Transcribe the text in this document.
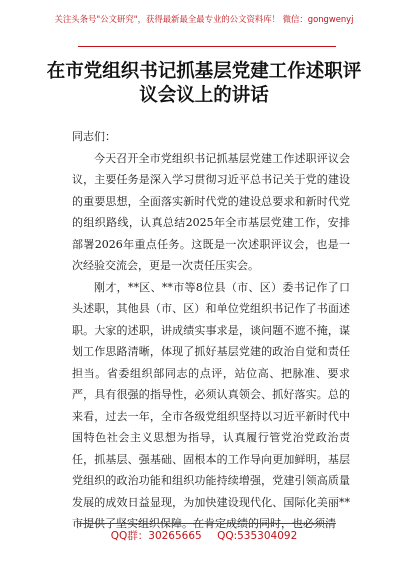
关注头条号"公文研究"，获得最新最全最专业的公文资料库！ 微信：gongwenyj
在市党组织书记抓基层党建工作述职评议会议上的讲话

同志们：

今天召开全市党组织书记抓基层党建工作述职评议会议，主要任务是深入学习贯彻习近平总书记关于党的建设的重要思想，全面落实新时代党的建设总要求和新时代党的组织路线，认真总结2025年全市基层党建工作，安排部署2026年重点任务。这既是一次述职评议会，也是一次经验交流会，更是一次责任压实会。

刚才，**区、**市等8位县（市、区）委书记作了口头述职，其他县（市、区）和单位党组织书记作了书面述职。大家的述职，讲成绩实事求是，谈问题不遮不掩，谋划工作思路清晰，体现了抓好基层党建的政治自觉和责任担当。省委组织部同志的点评，站位高、把脉准、要求严，具有很强的指导性，必须认真领会、抓好落实。总的来看，过去一年，全市各级党组织坚持以习近平新时代中国特色社会主义思想为指导，认真履行管党治党政治责任，抓基层、强基础、固根本的工作导向更加鲜明，基层党组织的政治功能和组织功能持续增强，党建引领高质量发展的成效日益显现，为加快建设现代化、国际化美丽**市提供了坚实组织保障。在肯定成绩的同时，也必须清

QQ群：30265665 QQ:535304092
